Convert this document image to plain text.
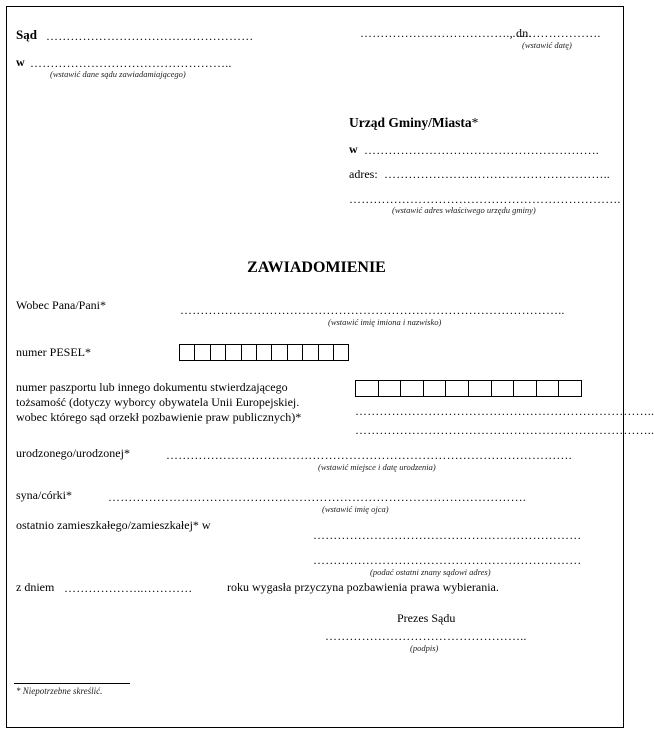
Sąd ……………………………………………
w …………………………………………..
(wstawić dane sądu zawiadamiającego)
………………………………., dn.
………………….
(wstawić datę)
Urząd Gminy/Miasta*
w ………………………………………………….
adres: ………………………………………………..
………………………………………………………….
(wstawić adres właściwego urzędu gminy)
ZAWIADOMIENIE
Wobec Pana/Pani*	…………………………………………………………………………………..
(wstawić imię imiona i nazwisko)
numer PESEL*
numer paszportu lub innego dokumentu stwierdzającego
tożsamość (dotyczy wyborcy obywatela Unii Europejskiej.
wobec którego sąd orzekł pozbawienie praw publicznych)*	………………………………………………………………..
………………………………………………………………..
urodzonego/urodzonej*	……………………………………………………………………………………….
(wstawić miejsce i datę urodzenia)
syna/córki*	………………………………………………………………………………………….
(wstawić imię ojca)
ostatnio zamieszkałego/zamieszkałej* w
…………………………………………………………
…………………………………………………………
(podać ostatni znany sądowi adres)
z dniem ………………..…………	roku wygasła przyczyna pozbawienia prawa wybierania.
Prezes Sądu
…………………………………………..
(podpis)
* Niepotrzebne skreślić.
